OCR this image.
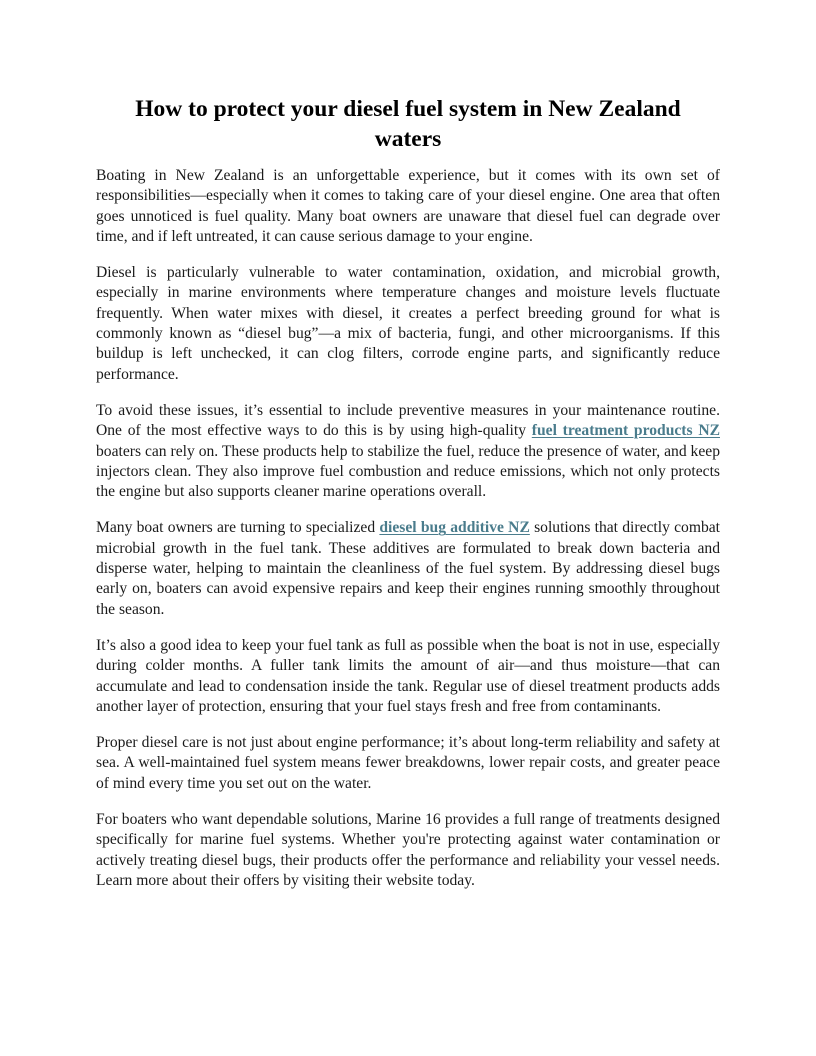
How to protect your diesel fuel system in New Zealand waters

Boating in New Zealand is an unforgettable experience, but it comes with its own set of responsibilities—especially when it comes to taking care of your diesel engine. One area that often goes unnoticed is fuel quality. Many boat owners are unaware that diesel fuel can degrade over time, and if left untreated, it can cause serious damage to your engine.

Diesel is particularly vulnerable to water contamination, oxidation, and microbial growth, especially in marine environments where temperature changes and moisture levels fluctuate frequently. When water mixes with diesel, it creates a perfect breeding ground for what is commonly known as “diesel bug”—a mix of bacteria, fungi, and other microorganisms. If this buildup is left unchecked, it can clog filters, corrode engine parts, and significantly reduce performance.

To avoid these issues, it’s essential to include preventive measures in your maintenance routine. One of the most effective ways to do this is by using high-quality fuel treatment products NZ boaters can rely on. These products help to stabilize the fuel, reduce the presence of water, and keep injectors clean. They also improve fuel combustion and reduce emissions, which not only protects the engine but also supports cleaner marine operations overall.

Many boat owners are turning to specialized diesel bug additive NZ solutions that directly combat microbial growth in the fuel tank. These additives are formulated to break down bacteria and disperse water, helping to maintain the cleanliness of the fuel system. By addressing diesel bugs early on, boaters can avoid expensive repairs and keep their engines running smoothly throughout the season.

It’s also a good idea to keep your fuel tank as full as possible when the boat is not in use, especially during colder months. A fuller tank limits the amount of air—and thus moisture—that can accumulate and lead to condensation inside the tank. Regular use of diesel treatment products adds another layer of protection, ensuring that your fuel stays fresh and free from contaminants.

Proper diesel care is not just about engine performance; it’s about long-term reliability and safety at sea. A well-maintained fuel system means fewer breakdowns, lower repair costs, and greater peace of mind every time you set out on the water.

For boaters who want dependable solutions, Marine 16 provides a full range of treatments designed specifically for marine fuel systems. Whether you're protecting against water contamination or actively treating diesel bugs, their products offer the performance and reliability your vessel needs. Learn more about their offers by visiting their website today.
